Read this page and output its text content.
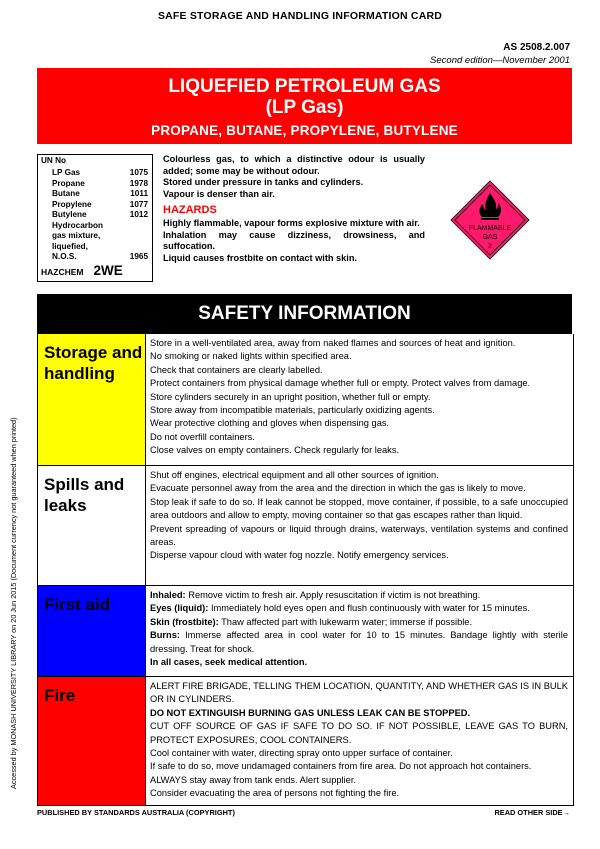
SAFE STORAGE AND HANDLING INFORMATION CARD
AS 2508.2.007
Second edition—November 2001
LIQUEFIED PETROLEUM GAS
(LP Gas)
PROPANE, BUTANE, PROPYLENE, BUTYLENE
UN No
LP Gas	1075
Propane	1978
Butane	1011
Propylene	1077
Butylene	1012
Hydrocarbon
gas mixture,
liquefied,
N.O.S.	1965
HAZCHEM 2WE

Colourless gas, to which a distinctive odour is usually added; some may be without odour.

Stored under pressure in tanks and cylinders.

Vapour is denser than air.

HAZARDS

Highly flammable, vapour forms explosive mixture with air.

Inhalation may cause dizziness, drowsiness, and suffocation.

Liquid causes frostbite on contact with skin.

FLAMMABLE
GAS
2
SAFETY INFORMATION
Storage and handling

Store in a well-ventilated area, away from naked flames and sources of heat and ignition.

No smoking or naked lights within specified area.

Check that containers are clearly labelled.

Protect containers from physical damage whether full or empty. Protect valves from damage.

Store cylinders securely in an upright position, whether full or empty.

Store away from incompatible materials, particularly oxidizing agents.

Wear protective clothing and gloves when dispensing gas.

Do not overfill containers.

Close valves on empty containers. Check regularly for leaks.

Spills and leaks

Shut off engines, electrical equipment and all other sources of ignition.

Evacuate personnel away from the area and the direction in which the gas is likely to move.

Stop leak if safe to do so. If leak cannot be stopped, move container, if possible, to a safe unoccupied area outdoors and allow to empty, moving container so that gas escapes rather than liquid.

Prevent spreading of vapours or liquid through drains, waterways, ventilation systems and confined areas.

Disperse vapour cloud with water fog nozzle. Notify emergency services.

First aid	Inhaled: Remove victim to fresh air. Apply resuscitation if victim is not breathing.

Eyes (liquid): Immediately hold eyes open and flush continuously with water for 15 minutes.

Skin (frostbite): Thaw affected part with lukewarm water; immerse if possible.

Burns: Immerse affected area in cool water for 10 to 15 minutes. Bandage lightly with sterile dressing. Treat for shock.

In all cases, seek medical attention.

Fire	ALERT FIRE BRIGADE, TELLING THEM LOCATION, QUANTITY, AND WHETHER GAS IS IN BULK OR IN CYLINDERS.

DO NOT EXTINGUISH BURNING GAS UNLESS LEAK CAN BE STOPPED.

CUT OFF SOURCE OF GAS IF SAFE TO DO SO. IF NOT POSSIBLE, LEAVE GAS TO BURN, PROTECT EXPOSURES, COOL CONTAINERS.

Cool container with water, directing spray onto upper surface of container.

If safe to do so, move undamaged containers from fire area. Do not approach hot containers.

ALWAYS stay away from tank ends. Alert supplier.

Consider evacuating the area of persons not fighting the fire.

Accessed by MONASH UNIVERSITY LIBRARY on 20 Jun 2015 (Document currency not guaranteed when printed)
PUBLISHED BY STANDARDS AUSTRALIA (COPYRIGHT)	READ OTHER SIDE→
